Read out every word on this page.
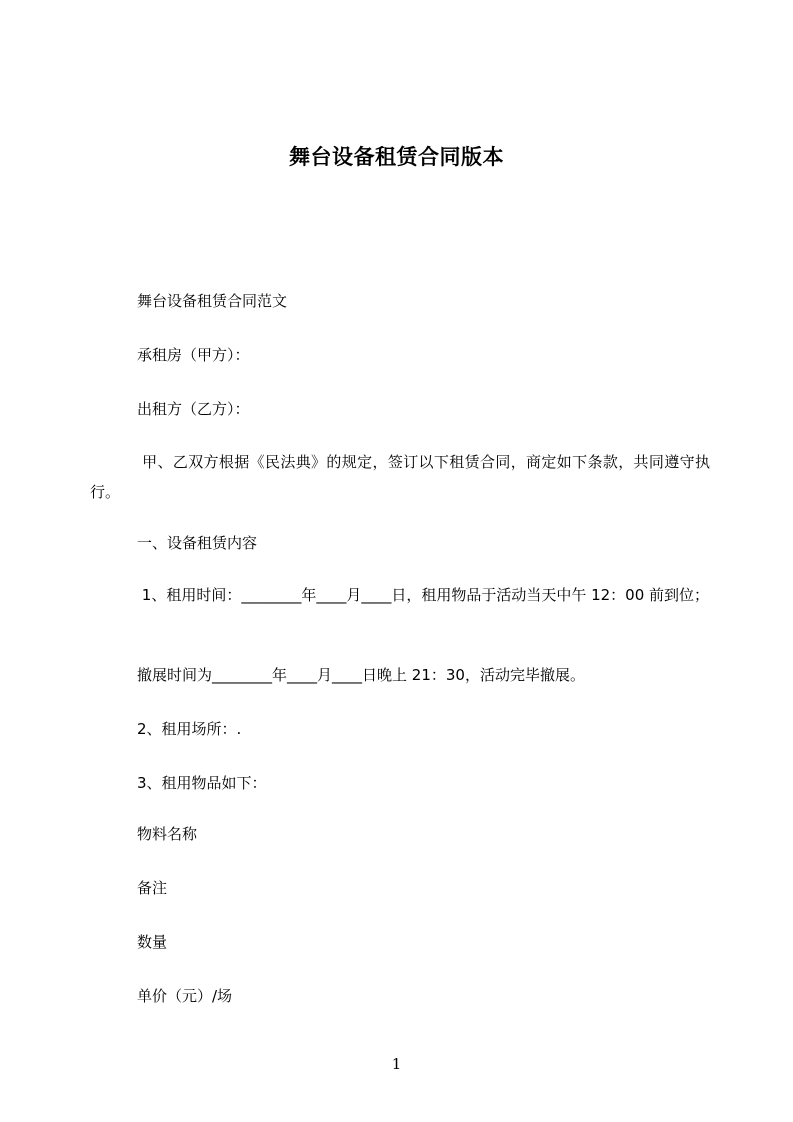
舞台设备租赁合同版本
舞台设备租赁合同范文
承租房（甲方）：
出租方（乙方）：
甲、乙双方根据《民法典》的规定，签订以下租赁合同，商定如下条款，共同遵守执行。
一、设备租赁内容
1、租用时间：________年____月____日，租用物品于活动当天中午 12：00 前到位；
撤展时间为________年____月____日晚上 21：30，活动完毕撤展。
2、租用场所：.
3、租用物品如下：
物料名称
备注
数量
单价（元）/场
1
